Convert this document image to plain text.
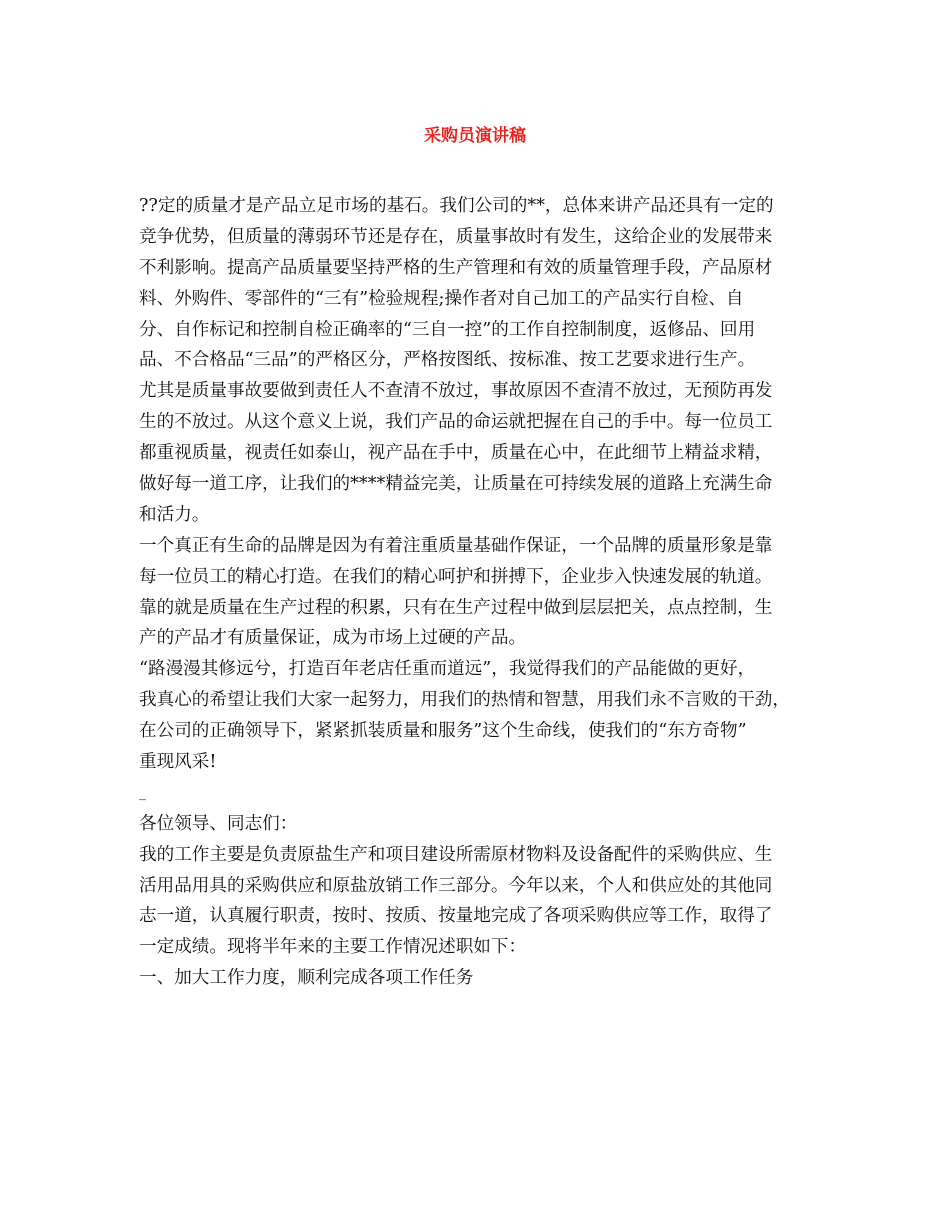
采购员演讲稿
??定的质量才是产品立足市场的基石。我们公司的**，总体来讲产品还具有一定的
竞争优势，但质量的薄弱环节还是存在，质量事故时有发生，这给企业的发展带来
不利影响。提高产品质量要坚持严格的生产管理和有效的质量管理手段，产品原材
料、外购件、零部件的“三有”检验规程;操作者对自己加工的产品实行自检、自
分、自作标记和控制自检正确率的“三自一控”的工作自控制制度，返修品、回用
品、不合格品“三品”的严格区分，严格按图纸、按标准、按工艺要求进行生产。
尤其是质量事故要做到责任人不查清不放过，事故原因不查清不放过，无预防再发
生的不放过。从这个意义上说，我们产品的命运就把握在自己的手中。每一位员工
都重视质量，视责任如泰山，视产品在手中，质量在心中，在此细节上精益求精，
做好每一道工序，让我们的****精益完美，让质量在可持续发展的道路上充满生命
和活力。
一个真正有生命的品牌是因为有着注重质量基础作保证，一个品牌的质量形象是靠
每一位员工的精心打造。在我们的精心呵护和拼搏下，企业步入快速发展的轨道。
靠的就是质量在生产过程的积累，只有在生产过程中做到层层把关，点点控制，生
产的产品才有质量保证，成为市场上过硬的产品。
“路漫漫其修远兮，打造百年老店任重而道远”，我觉得我们的产品能做的更好，
我真心的希望让我们大家一起努力，用我们的热情和智慧，用我们永不言败的干劲，
在公司的正确领导下，紧紧抓装质量和服务”这个生命线，使我们的“东方奇物”
重现风采!
_
各位领导、同志们：
我的工作主要是负责原盐生产和项目建设所需原材物料及设备配件的采购供应、生
活用品用具的采购供应和原盐放销工作三部分。今年以来，个人和供应处的其他同
志一道，认真履行职责，按时、按质、按量地完成了各项采购供应等工作，取得了
一定成绩。现将半年来的主要工作情况述职如下：
一、加大工作力度，顺利完成各项工作任务
